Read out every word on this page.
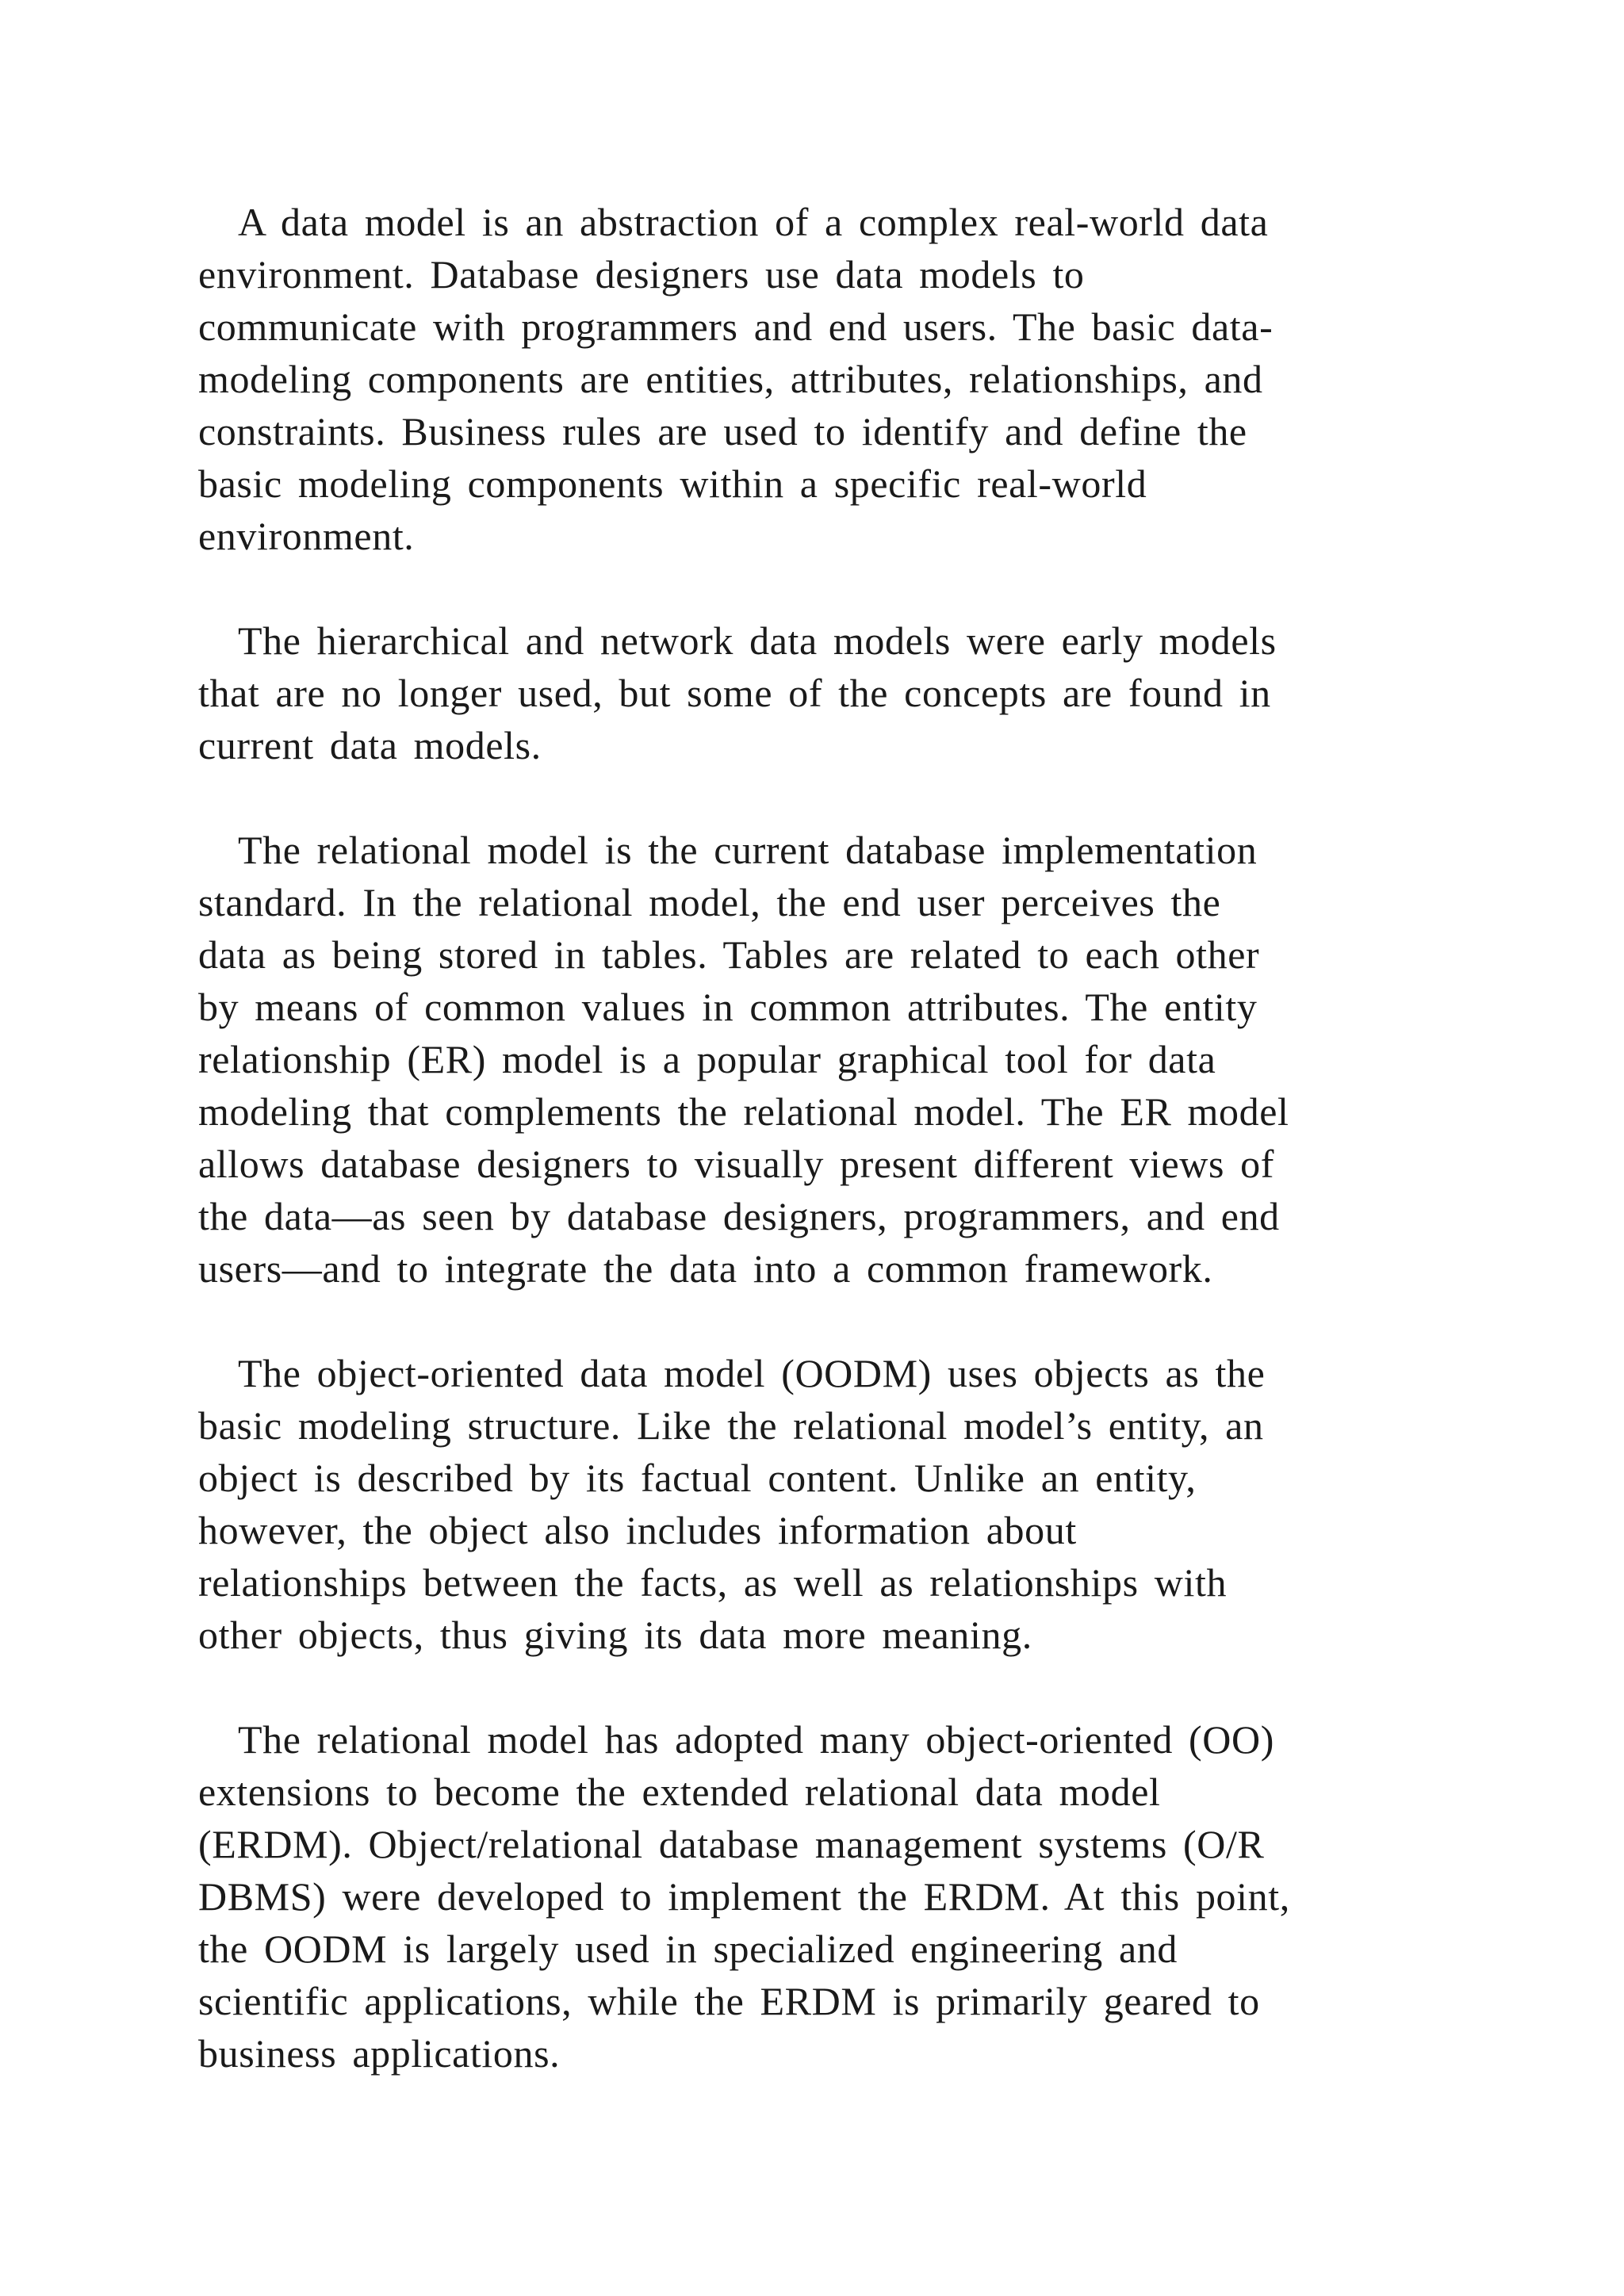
A data model is an abstraction of a complex real-world data

environment. Database designers use data models to

communicate with programmers and end users. The basic data-

modeling components are entities, attributes, relationships, and

constraints. Business rules are used to identify and define the

basic modeling components within a specific real-world

environment.

The hierarchical and network data models were early models

that are no longer used, but some of the concepts are found in

current data models.

The relational model is the current database implementation

standard. In the relational model, the end user perceives the

data as being stored in tables. Tables are related to each other

by means of common values in common attributes. The entity

relationship (ER) model is a popular graphical tool for data

modeling that complements the relational model. The ER model

allows database designers to visually present different views of

the data—as seen by database designers, programmers, and end

users—and to integrate the data into a common framework.

The object-oriented data model (OODM) uses objects as the

basic modeling structure. Like the relational model’s entity, an

object is described by its factual content. Unlike an entity,

however, the object also includes information about

relationships between the facts, as well as relationships with

other objects, thus giving its data more meaning.

The relational model has adopted many object-oriented (OO)

extensions to become the extended relational data model

(ERDM). Object/relational database management systems (O/R

DBMS) were developed to implement the ERDM. At this point,

the OODM is largely used in specialized engineering and

scientific applications, while the ERDM is primarily geared to

business applications.
